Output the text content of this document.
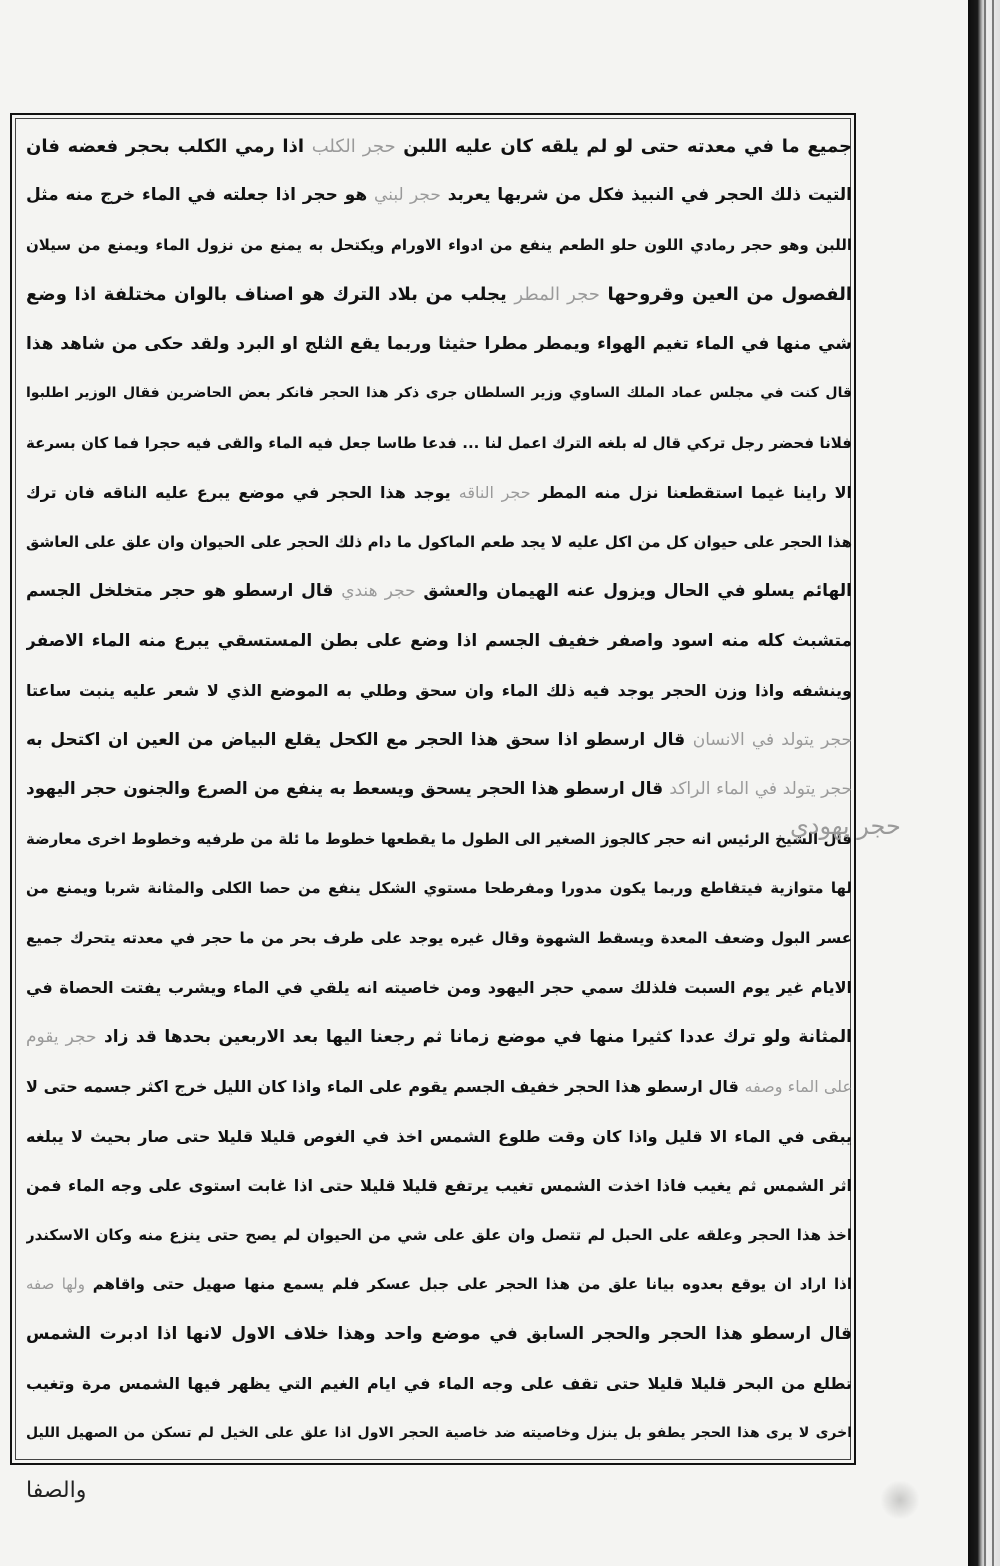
جميع ما في معدته حتى لو لم يلقه كان عليه اللبن حجر الكلب اذا رمي الكلب بحجر فعضه فان
التيت ذلك الحجر في النبيذ فكل من شربها يعربد حجر لبني هو حجر اذا جعلته في الماء خرج منه مثل
اللبن وهو حجر رمادي اللون حلو الطعم ينفع من ادواء الاورام ويكتحل به يمنع من نزول الماء ويمنع من سيلان
الفصول من العين وقروحها حجر المطر يجلب من بلاد الترك هو اصناف بالوان مختلفة اذا وضع
شي منها في الماء تغيم الهواء ويمطر مطرا حثيثا وربما يقع الثلج او البرد ولقد حكى من شاهد هذا
قال كنت في مجلس عماد الملك الساوي وزير السلطان جرى ذكر هذا الحجر فانكر بعض الحاضرين فقال الوزير اطلبوا
فلانا فحضر رجل تركي قال له بلغه الترك اعمل لنا ... فدعا طاسا جعل فيه الماء والقى فيه حجرا فما كان بسرعة
الا راينا غيما استقطعنا نزل منه المطر حجر الناقه يوجد هذا الحجر في موضع يبرع عليه الناقه فان ترك
هذا الحجر على حيوان كل من اكل عليه لا يجد طعم الماكول ما دام ذلك الحجر على الحيوان وان علق على العاشق
الهائم يسلو في الحال ويزول عنه الهيمان والعشق حجر هندي قال ارسطو هو حجر متخلخل الجسم
متشبث كله منه اسود واصفر خفيف الجسم اذا وضع على بطن المستسقي يبرع منه الماء الاصفر
وينشفه واذا وزن الحجر يوجد فيه ذلك الماء وان سحق وطلي به الموضع الذي لا شعر عليه ينبت ساعتا
حجر يتولد في الانسان قال ارسطو اذا سحق هذا الحجر مع الكحل يقلع البياض من العين ان اكتحل به
حجر يتولد في الماء الراكد قال ارسطو هذا الحجر يسحق ويسعط به ينفع من الصرع والجنون حجر اليهود
قال الشيخ الرئيس انه حجر كالجوز الصغير الى الطول ما يقطعها خطوط ما ئلة من طرفيه وخطوط اخرى معارضة
لها متوازية فيتقاطع وربما يكون مدورا ومفرطحا مستوي الشكل ينفع من حصا الكلى والمثانة شربا ويمنع من
عسر البول وضعف المعدة ويسقط الشهوة وقال غيره يوجد على طرف بحر من ما حجر في معدته يتحرك جميع
الايام غير يوم السبت فلذلك سمي حجر اليهود ومن خاصيته انه يلقي في الماء ويشرب يفتت الحصاة في
المثانة ولو ترك عددا كثيرا منها في موضع زمانا ثم رجعنا اليها بعد الاربعين بحدها قد زاد حجر يقوم
على الماء وصفه قال ارسطو هذا الحجر خفيف الجسم يقوم على الماء واذا كان الليل خرج اكثر جسمه حتى لا
يبقى في الماء الا قليل واذا كان وقت طلوع الشمس اخذ في الغوص قليلا قليلا حتى صار بحيث لا يبلغه
اثر الشمس ثم يغيب فاذا اخذت الشمس تغيب يرتفع قليلا قليلا حتى اذا غابت استوى على وجه الماء فمن
اخذ هذا الحجر وعلقه على الحبل لم تتصل وان علق على شي من الحيوان لم يصح حتى ينزع منه وكان الاسكندر
اذا اراد ان يوقع بعدوه بيانا علق من هذا الحجر على جبل عسكر فلم يسمع منها صهيل حتى واقاهم ولها صفه
قال ارسطو هذا الحجر والحجر السابق في موضع واحد وهذا خلاف الاول لانها اذا ادبرت الشمس
تطلع من البحر قليلا قليلا حتى تقف على وجه الماء في ايام الغيم التي يظهر فيها الشمس مرة وتغيب
اخرى لا يرى هذا الحجر يطفو بل ينزل وخاصيته ضد خاصية الحجر الاول اذا علق على الخيل لم تسكن من الصهيل الليل
حجر يهودي
والصفا
